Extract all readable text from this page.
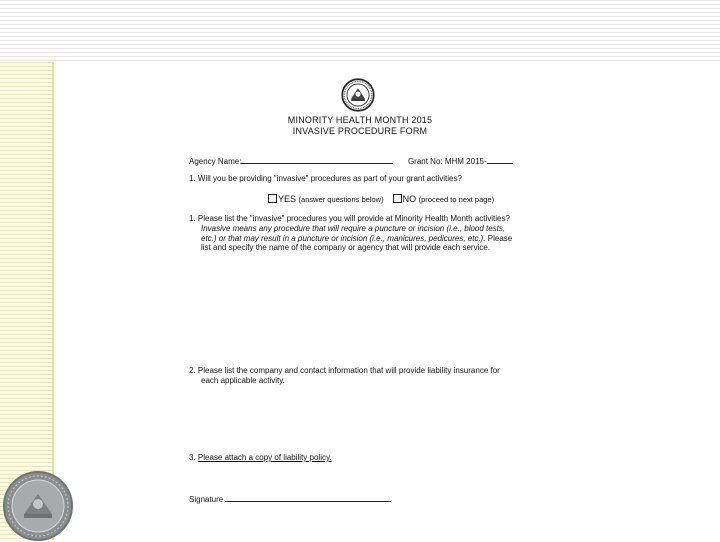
MINORITY HEALTH MONTH 2015
INVASIVE PROCEDURE FORM
Agency Name:	Grant No: MHM 2015-
1. Will you be providing "invasive" procedures as part of your grant activities?
YES (answer questions below) NO (proceed to next page)
1. Please list the "invasive" procedures you will provide at Minority Health Month activities?
Invasive means any procedure that will require a puncture or incision (i.e., blood tests,
etc.) or that may result in a puncture or incision (i.e., manicures, pedicures, etc.). Please
list and specify the name of the company or agency that will provide each service.
2. Please list the company and contact information that will provide liability insurance for
each applicable activity.
3. Please attach a copy of liability policy.
Signature
